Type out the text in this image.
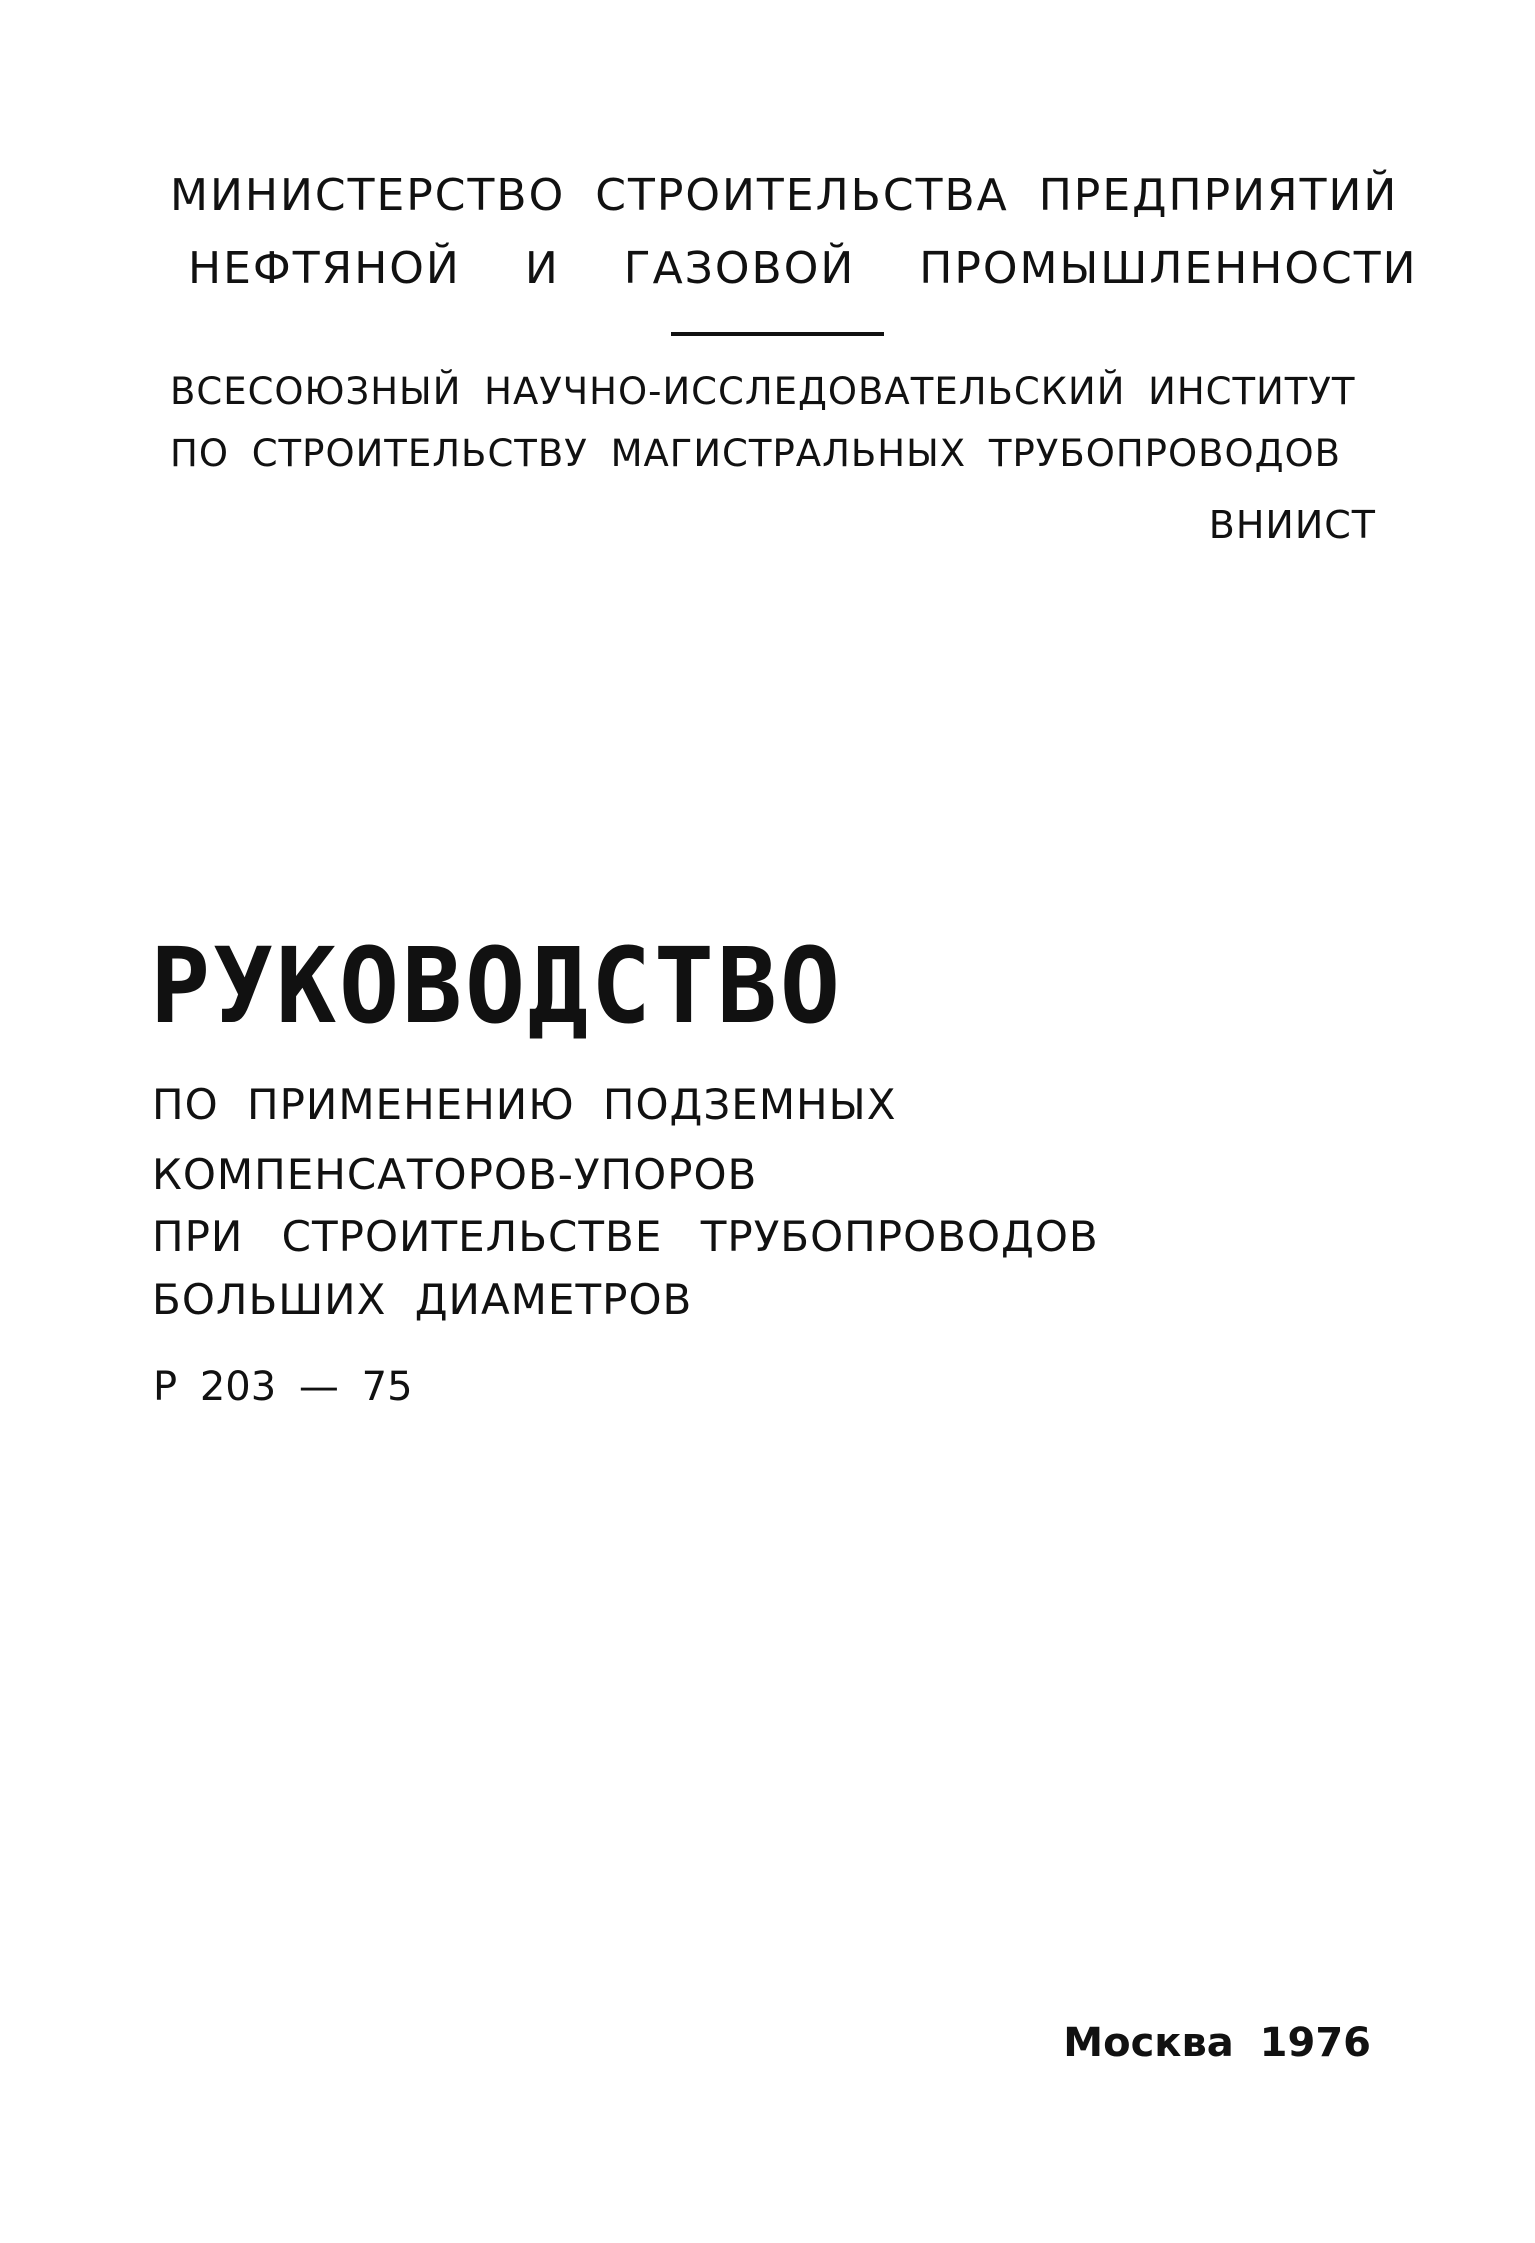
МИНИСТЕРСТВО СТРОИТЕЛЬСТВА ПРЕДПРИЯТИЙ

НЕФТЯНОЙ И ГАЗОВОЙ ПРОМЫШЛЕННОСТИ

ВСЕСОЮЗНЫЙ НАУЧНО-ИССЛЕДОВАТЕЛЬСКИЙ ИНСТИТУТ

ПО СТРОИТЕЛЬСТВУ МАГИСТРАЛЬНЫХ ТРУБОПРОВОДОВ

ВНИИСТ

РУКОВОДСТВО

ПО ПРИМЕНЕНИЮ ПОДЗЕМНЫХ

КОМПЕНСАТОРОВ-УПОРОВ

ПРИ СТРОИТЕЛЬСТВЕ ТРУБОПРОВОДОВ

БОЛЬШИХ ДИАМЕТРОВ

Р 203 — 75

Москва 1976
